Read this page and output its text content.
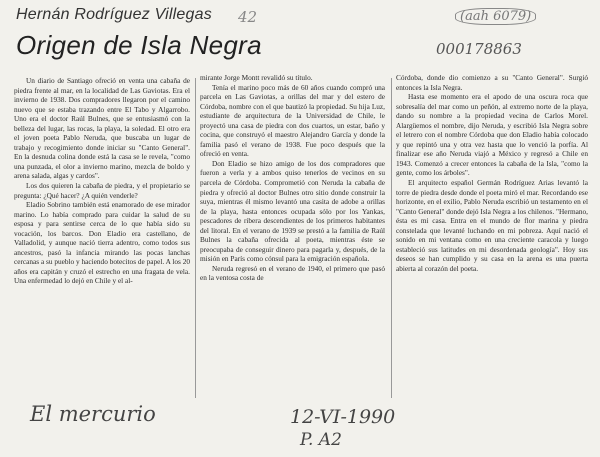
Hernán Rodríguez Villegas 42	(aah 6079)
000178863
Origen de Isla Negra

Un diario de Santiago ofreció en venta una cabaña de piedra frente al mar, en la localidad de Las Gaviotas. Era el invierno de 1938. Dos compradores llegaron por el camino nuevo que se estaba trazando entre El Tabo y Algarrobo. Uno era el doctor Raúl Bulnes, que se entusiasmó con la belleza del lugar, las rocas, la playa, la soledad. El otro era el joven poeta Pablo Neruda, que buscaba un lugar de trabajo y recogimiento donde iniciar su "Canto General". En la desnuda colina donde está la casa se le revela, "como una punzada, el olor a invierno marino, mezcla de boldo y arena salada, algas y cardos".

Los dos quieren la cabaña de piedra, y el propietario se pregunta: ¿Qué hacer? ¿A quién venderle?

Eladio Sobrino también está enamorado de ese mirador marino. Lo había comprado para cuidar la salud de su esposa y para sentirse cerca de lo que había sido su vocación, los barcos. Don Eladio era castellano, de Valladolid, y aunque nació tierra adentro, como todos sus ancestros, pasó la infancia mirando las pocas lanchas cercanas a su pueblo y haciendo botecitos de papel. A los 20 años era capitán y cruzó el estrecho en una fragata de vela. Una enfermedad lo dejó en Chile y el al-

mirante Jorge Montt revalidó su título.

Tenía el marino poco más de 60 años cuando compró una parcela en Las Gaviotas, a orillas del mar y del estero de Córdoba, nombre con el que bautizó la propiedad. Su hija Luz, estudiante de arquitectura de la Universidad de Chile, le proyectó una casa de piedra con dos cuartos, un estar, baño y cocina, que construyó el maestro Alejandro García y donde la familia pasó el verano de 1938. Fue poco después que la ofreció en venta.

Don Eladio se hizo amigo de los dos compradores que fueron a verla y a ambos quiso tenerlos de vecinos en su parcela de Córdoba. Comprometió con Neruda la cabaña de piedra y ofreció al doctor Bulnes otro sitio donde construir la suya, mientras él mismo levantó una casita de adobe a orillas de la playa, hasta entonces ocupada sólo por los Yankas, pescadores de ribera descendientes de los primeros habitantes del litoral. En el verano de 1939 se prestó a la familia de Raúl Bulnes la cabaña ofrecida al poeta, mientras éste se preocupaba de conseguir dinero para pagarla y, después, de la misión en París como cónsul para la emigración española.

Neruda regresó en el verano de 1940, el primero que pasó en la ventosa costa de

Córdoba, donde dio comienzo a su "Canto General". Surgió entonces la Isla Negra.

Hasta ese momento era el apodo de una oscura roca que sobresalía del mar como un peñón, al extremo norte de la playa, dando su nombre a la propiedad vecina de Carlos Morel. Alargüemos el nombre, dijo Neruda, y escribió Isla Negra sobre el letrero con el nombre Córdoba que don Eladio había colocado y que repintó una y otra vez hasta que lo venció la porfía. Al finalizar ese año Neruda viajó a México y regresó a Chile en 1943. Comenzó a crecer entonces la cabaña de la Isla, "como la gente, como los árboles".

El arquitecto español Germán Rodríguez Arias levantó la torre de piedra desde donde el poeta miró el mar. Recordando ese horizonte, en el exilio, Pablo Neruda escribió un testamento en el "Canto General" donde dejó Isla Negra a los chilenos. "Hermano, ésta es mi casa. Entra en el mundo de flor marina y piedra constelada que levanté luchando en mi pobreza. Aquí nació el sonido en mi ventana como en una creciente caracola y luego estableció sus latitudes en mi desordenada geología". Hoy sus deseos se han cumplido y su casa en la arena es una puerta abierta al corazón del poeta.

El mercurio	12-VI-1990
P. A2
